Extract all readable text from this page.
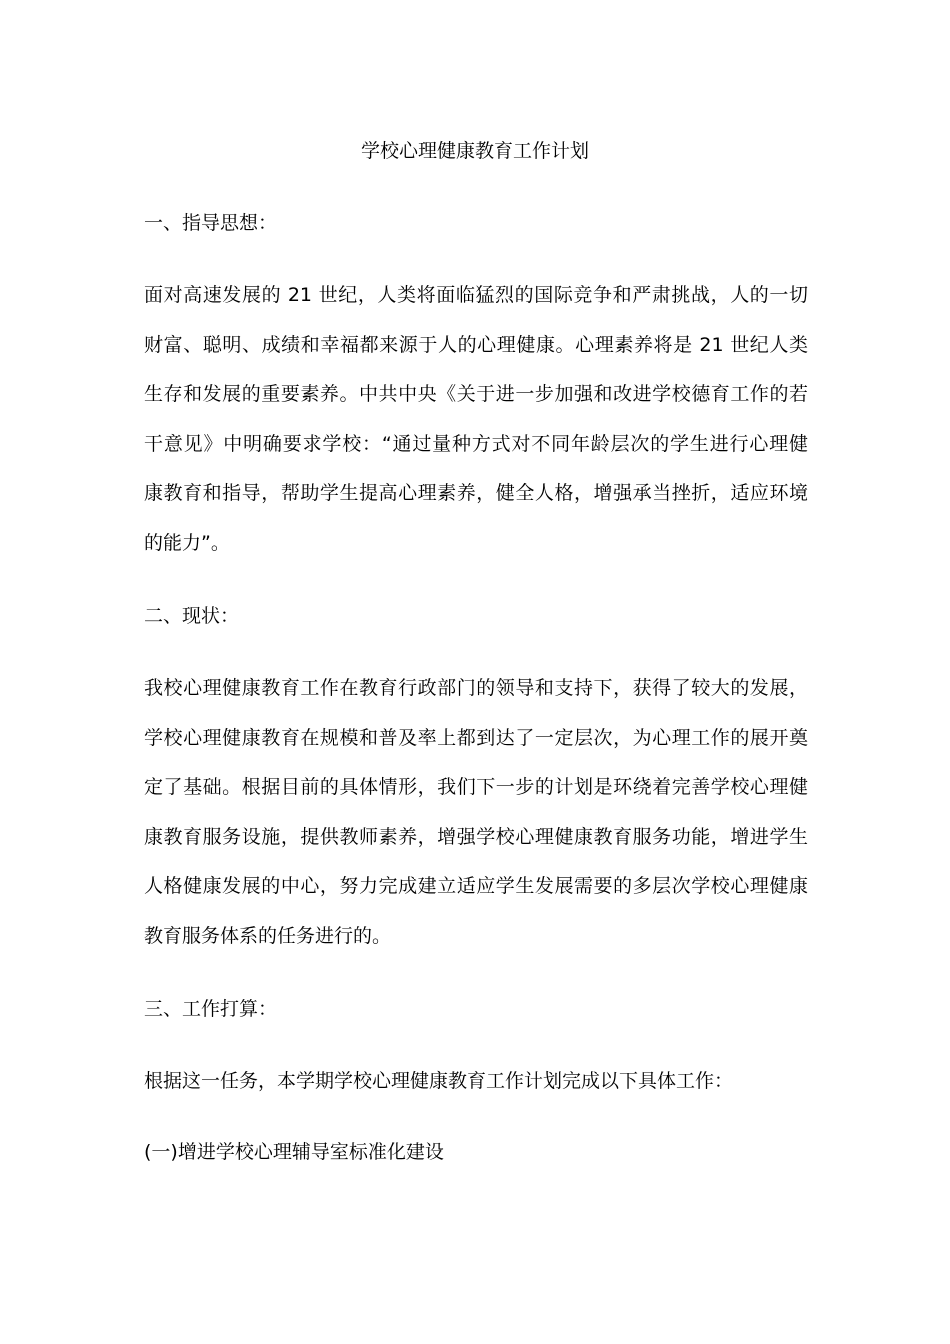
学校心理健康教育工作计划
一、指导思想：
面对高速发展的 21 世纪，人类将面临猛烈的国际竞争和严肃挑战，人的一切
财富、聪明、成绩和幸福都来源于人的心理健康。心理素养将是 21 世纪人类
生存和发展的重要素养。中共中央《关于进一步加强和改进学校德育工作的若
干意见》中明确要求学校：“通过量种方式对不同年龄层次的学生进行心理健
康教育和指导，帮助学生提高心理素养，健全人格，增强承当挫折，适应环境
的能力”。
二、现状：
我校心理健康教育工作在教育行政部门的领导和支持下，获得了较大的发展，
学校心理健康教育在规模和普及率上都到达了一定层次，为心理工作的展开奠
定了基础。根据目前的具体情形，我们下一步的计划是环绕着完善学校心理健
康教育服务设施，提供教师素养，增强学校心理健康教育服务功能，增进学生
人格健康发展的中心，努力完成建立适应学生发展需要的多层次学校心理健康
教育服务体系的任务进行的。
三、工作打算：
根据这一任务，本学期学校心理健康教育工作计划完成以下具体工作：
(一)增进学校心理辅导室标准化建设
